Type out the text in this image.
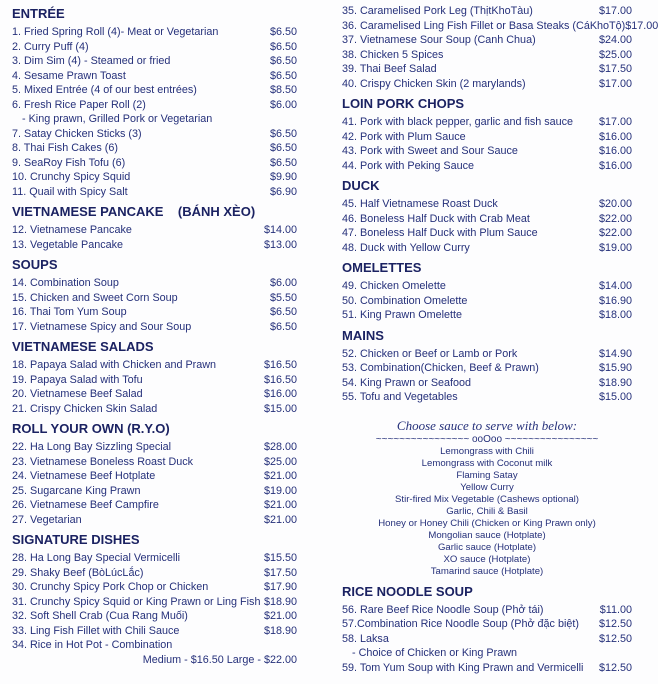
ENTRÉE
1. Fried Spring Roll (4)- Meat or Vegetarian	$6.50
2. Curry Puff (4)	$6.50
3. Dim Sim (4) - Steamed or fried	$6.50
4. Sesame Prawn Toast	$6.50
5. Mixed Entrée (4 of our best entrées)	$8.50
6. Fresh Rice Paper Roll (2)	$6.00
- King prawn, Grilled Pork or Vegetarian
7. Satay Chicken Sticks (3)	$6.50
8. Thai Fish Cakes (6)	$6.50
9. SeaRoy Fish Tofu (6)	$6.50
10. Crunchy Spicy Squid	$9.90
11. Quail with Spicy Salt	$6.90
VIETNAMESE PANCAKE    (BÁNH XÈO)
12. Vietnamese Pancake	$14.00
13. Vegetable Pancake	$13.00
SOUPS
14. Combination Soup	$6.00
15. Chicken and Sweet Corn Soup	$5.50
16. Thai Tom Yum Soup	$6.50
17. Vietnamese Spicy and Sour Soup	$6.50
VIETNAMESE SALADS
18. Papaya Salad with Chicken and Prawn	$16.50
19. Papaya Salad with Tofu	$16.50
20. Vietnamese Beef Salad	$16.00
21. Crispy Chicken Skin Salad	$15.00
ROLL YOUR OWN (R.Y.O)
22. Ha Long Bay Sizzling Special	$28.00
23. Vietnamese Boneless Roast Duck	$25.00
24. Vietnamese Beef Hotplate	$21.00
25. Sugarcane King Prawn	$19.00
26. Vietnamese Beef Campfire	$21.00
27. Vegetarian	$21.00
SIGNATURE DISHES
28. Ha Long Bay Special Vermicelli	$15.50
29. Shaky Beef (BòLúcLắc)	$17.50
30. Crunchy Spicy Pork Chop or Chicken	$17.90
31. Crunchy Spicy Squid or King Prawn or Ling Fish $18.90
32. Soft Shell Crab (Cua Rang Muối)	$21.00
33. Ling Fish Fillet with Chili Sauce	$18.90
34. Rice in Hot Pot - Combination
Medium - $16.50 Large - $22.00
35. Caramelised Pork Leg (ThịtKhoTàu)	$17.00
36. Caramelised Ling Fish Fillet or Basa Steaks (CáKhoTộ) $17.00
37. Vietnamese Sour Soup (Canh Chua)	$24.00
38. Chicken 5 Spices	$25.00
39. Thai Beef Salad	$17.50
40. Crispy Chicken Skin (2 marylands)	$17.00
LOIN PORK CHOPS
41. Pork with black pepper, garlic and fish sauce $17.00
42. Pork with Plum Sauce	$16.00
43. Pork with Sweet and Sour Sauce	$16.00
44. Pork with Peking Sauce	$16.00
DUCK
45. Half Vietnamese Roast Duck	$20.00
46. Boneless Half Duck with Crab Meat	$22.00
47. Boneless Half Duck with Plum Sauce	$22.00
48. Duck with Yellow Curry	$19.00
OMELETTES
49. Chicken Omelette	$14.00
50. Combination Omelette	$16.90
51. King Prawn Omelette	$18.00
MAINS
52. Chicken or Beef or Lamb or Pork	$14.90
53. Combination(Chicken, Beef & Prawn)	$15.90
54. King Prawn or Seafood	$18.90
55. Tofu and Vegetables	$15.00
Choose sauce to serve with below:
~~~~~~~~~~~~~~~~ ooOoo ~~~~~~~~~~~~~~~~
Lemongrass with Chili
Lemongrass with Coconut milk
Flaming Satay
Yellow Curry
Stir-fired Mix Vegetable (Cashews optional)
Garlic, Chili & Basil
Honey or Honey Chili (Chicken or King Prawn only)
Mongolian sauce (Hotplate)
Garlic sauce (Hotplate)
XO sauce (Hotplate)
Tamarind sauce (Hotplate)
RICE NOODLE SOUP
56. Rare Beef Rice Noodle Soup (Phở tái)	$11.00
57.Combination Rice Noodle Soup (Phở đặc biệt) $12.50
58. Laksa	$12.50
- Choice of Chicken or King Prawn
59. Tom Yum Soup with King Prawn and Vermicelli $12.50
